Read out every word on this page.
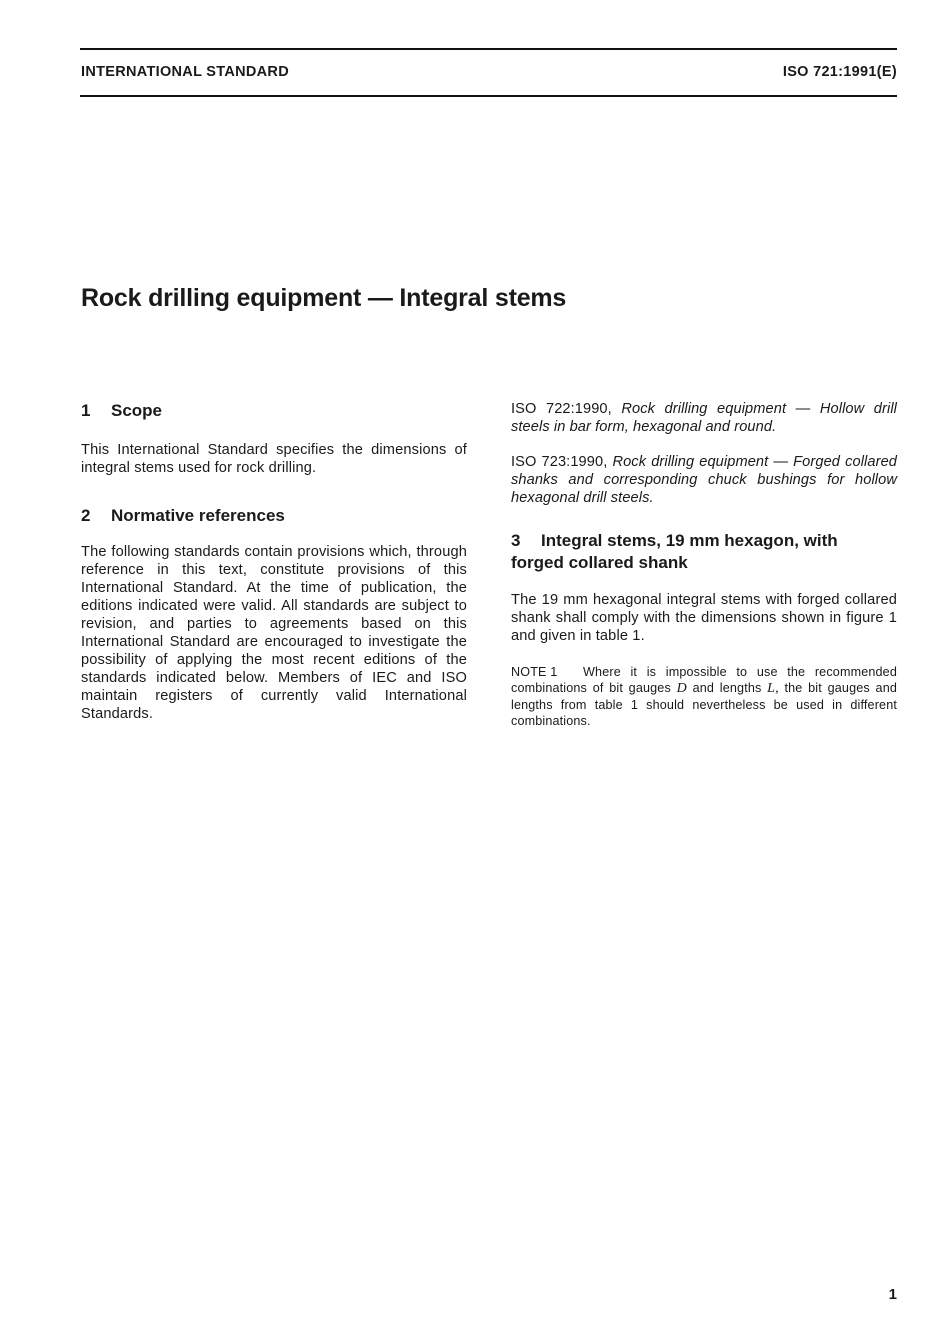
INTERNATIONAL STANDARD	ISO 721:1991(E)
Rock drilling equipment — Integral stems
1 Scope

This International Standard specifies the dimensions of integral stems used for rock drilling.

2 Normative references

The following standards contain provisions which, through reference in this text, constitute provisions of this International Standard. At the time of publication, the editions indicated were valid. All standards are subject to revision, and parties to agreements based on this International Standard are encouraged to investigate the possibility of applying the most recent editions of the standards indicated below. Members of IEC and ISO maintain registers of currently valid International Standards.

ISO 722:1990, Rock drilling equipment — Hollow drill steels in bar form, hexagonal and round.

ISO 723:1990, Rock drilling equipment — Forged collared shanks and corresponding chuck bushings for hollow hexagonal drill steels.

3 Integral stems, 19 mm hexagon, with
forged collared shank

The 19 mm hexagonal integral stems with forged collared shank shall comply with the dimensions shown in figure 1 and given in table 1.

NOTE 1 Where it is impossible to use the recommended combinations of bit gauges D and lengths L, the bit gauges and lengths from table 1 should nevertheless be used in different combinations.

1
